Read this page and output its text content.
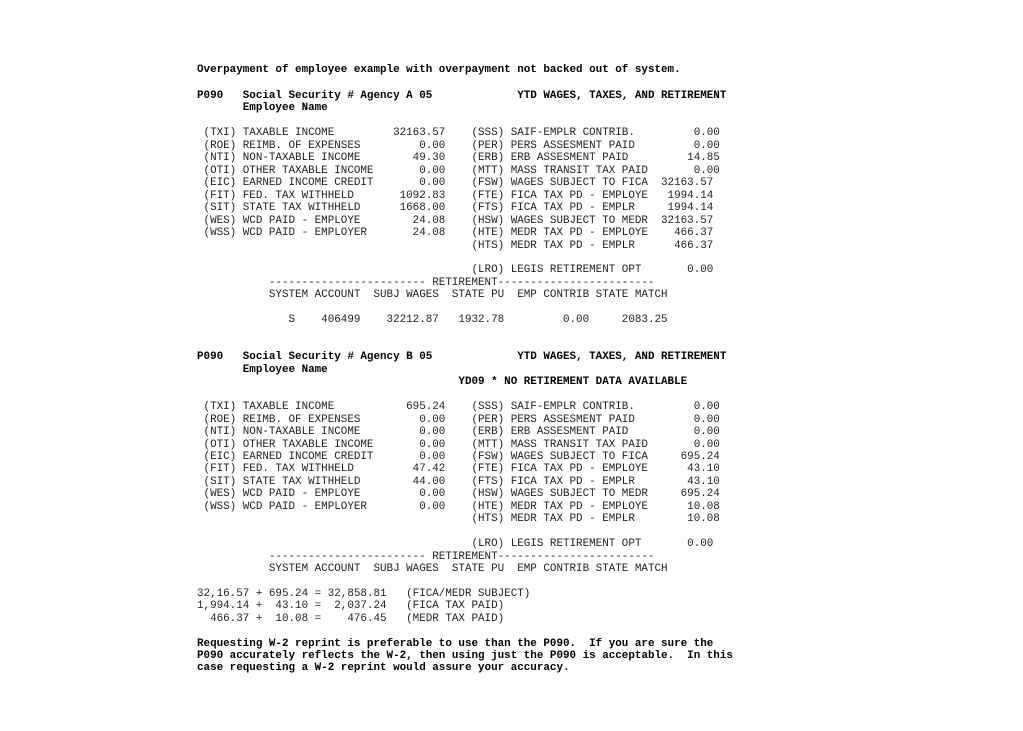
Overpayment of employee example with overpayment not backed out of system.
P090   Social Security # Agency A 05             YTD WAGES, TAXES, AND RETIREMENT
Employee Name
(TXI) TAXABLE INCOME         32163.57    (SSS) SAIF-EMPLR CONTRIB.         0.00
(ROE) REIMB. OF EXPENSES         0.00    (PER) PERS ASSESMENT PAID         0.00
(NTI) NON-TAXABLE INCOME        49.30    (ERB) ERB ASSESMENT PAID         14.85
(OTI) OTHER TAXABLE INCOME       0.00    (MTT) MASS TRANSIT TAX PAID       0.00
(EIC) EARNED INCOME CREDIT       0.00    (FSW) WAGES SUBJECT TO FICA  32163.57
(FIT) FED. TAX WITHHELD       1092.83    (FTE) FICA TAX PD - EMPLOYE   1994.14
(SIT) STATE TAX WITHHELD      1668.00    (FTS) FICA TAX PD - EMPLR     1994.14
(WES) WCD PAID - EMPLOYE        24.08    (HSW) WAGES SUBJECT TO MEDR  32163.57
(WSS) WCD PAID - EMPLOYER       24.08    (HTE) MEDR TAX PD - EMPLOYE    466.37
(HTS) MEDR TAX PD - EMPLR      466.37
(LRO) LEGIS RETIREMENT OPT       0.00
------------------------ RETIREMENT------------------------
SYSTEM ACCOUNT  SUBJ WAGES  STATE PU  EMP CONTRIB STATE MATCH
S    406499    32212.87   1932.78         0.00     2083.25
P090   Social Security # Agency B 05             YTD WAGES, TAXES, AND RETIREMENT
Employee Name
YD09 * NO RETIREMENT DATA AVAILABLE
(TXI) TAXABLE INCOME           695.24    (SSS) SAIF-EMPLR CONTRIB.         0.00
(ROE) REIMB. OF EXPENSES         0.00    (PER) PERS ASSESMENT PAID         0.00
(NTI) NON-TAXABLE INCOME         0.00    (ERB) ERB ASSESMENT PAID          0.00
(OTI) OTHER TAXABLE INCOME       0.00    (MTT) MASS TRANSIT TAX PAID       0.00
(EIC) EARNED INCOME CREDIT       0.00    (FSW) WAGES SUBJECT TO FICA     695.24
(FIT) FED. TAX WITHHELD         47.42    (FTE) FICA TAX PD - EMPLOYE      43.10
(SIT) STATE TAX WITHHELD        44.00    (FTS) FICA TAX PD - EMPLR        43.10
(WES) WCD PAID - EMPLOYE         0.00    (HSW) WAGES SUBJECT TO MEDR     695.24
(WSS) WCD PAID - EMPLOYER        0.00    (HTE) MEDR TAX PD - EMPLOYE      10.08
(HTS) MEDR TAX PD - EMPLR        10.08
(LRO) LEGIS RETIREMENT OPT       0.00
------------------------ RETIREMENT------------------------
SYSTEM ACCOUNT  SUBJ WAGES  STATE PU  EMP CONTRIB STATE MATCH
32,16.57 + 695.24 = 32,858.81   (FICA/MEDR SUBJECT)
1,994.14 +  43.10 =  2,037.24   (FICA TAX PAID)
466.37 +  10.08 =    476.45   (MEDR TAX PAID)
Requesting W-2 reprint is preferable to use than the P090.  If you are sure the
P090 accurately reflects the W-2, then using just the P090 is acceptable.  In this
case requesting a W-2 reprint would assure your accuracy.
